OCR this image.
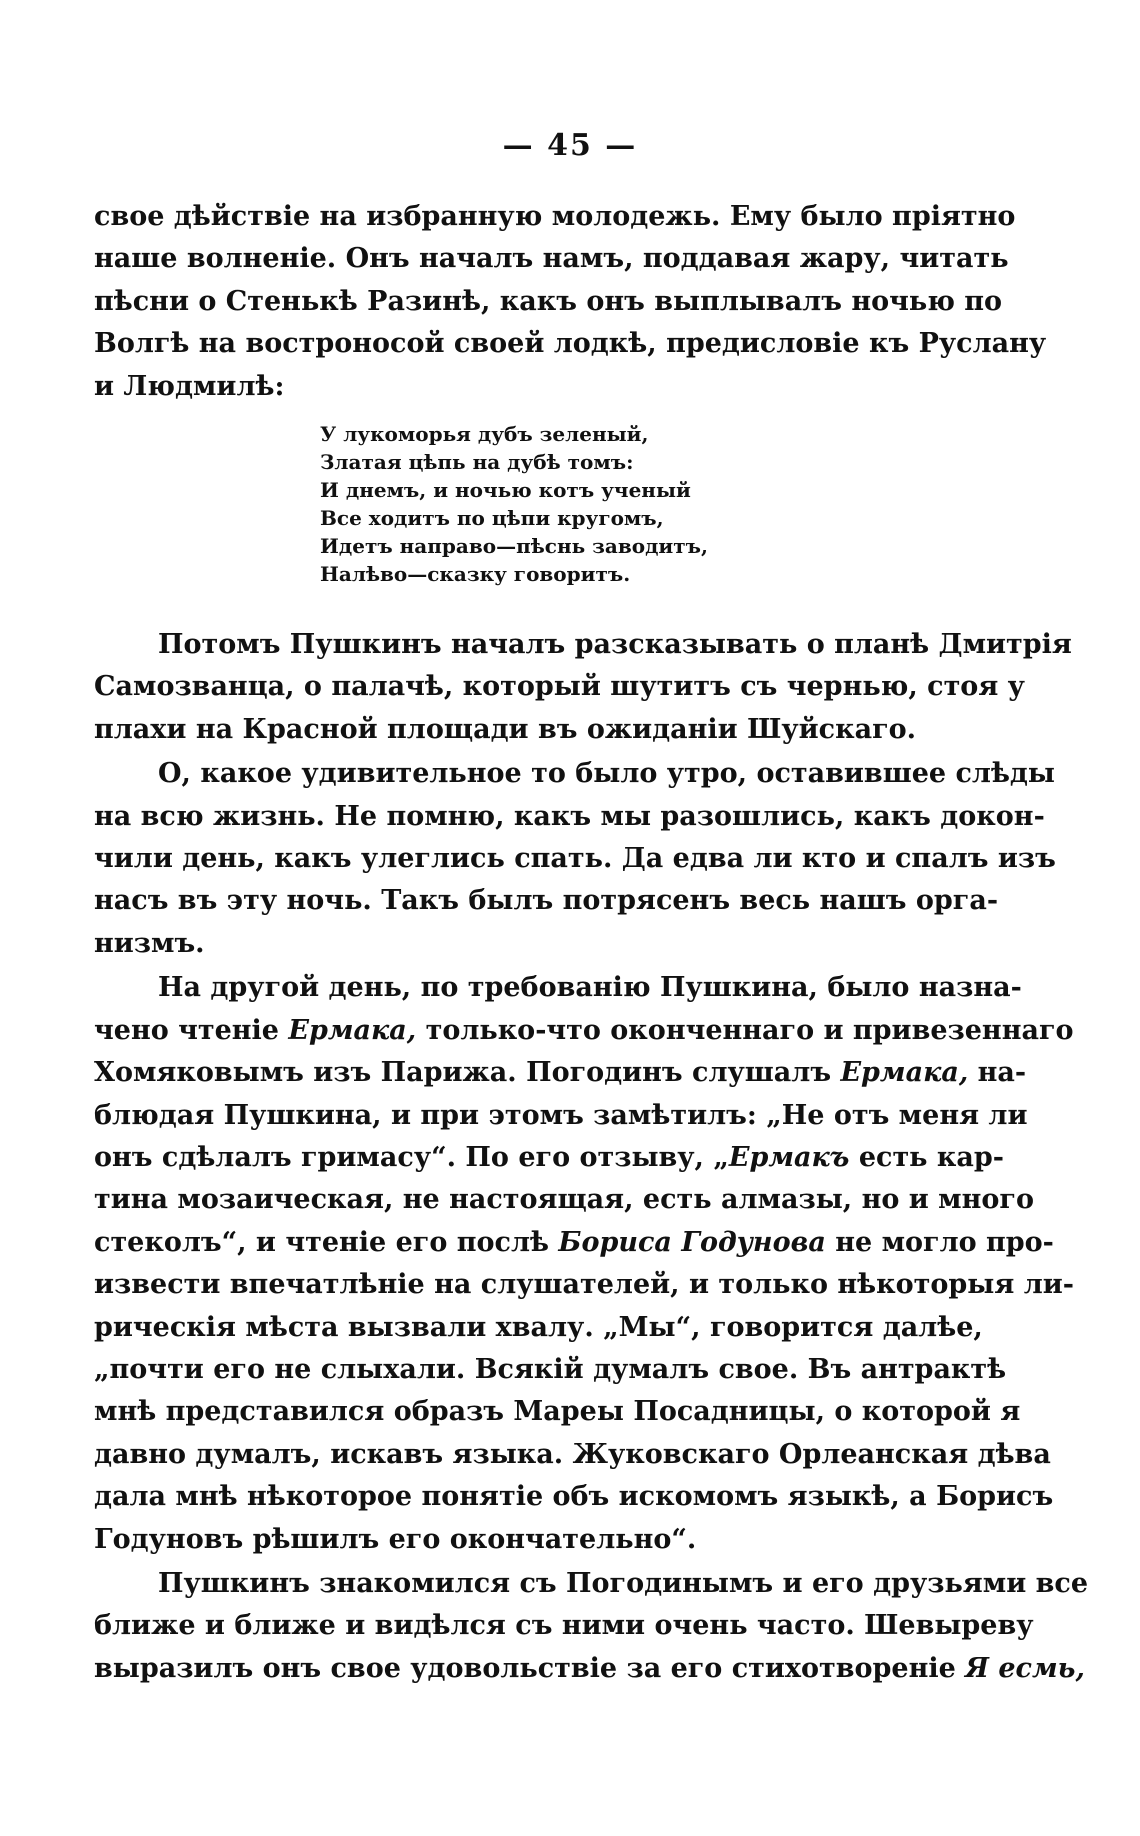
— 45 —
свое дѣйствіе на избранную молодежь. Ему было пріятно
наше волненіе. Онъ началъ намъ, поддавая жару, читать
пѣсни о Стенькѣ Разинѣ, какъ онъ выплывалъ ночью по
Волгѣ на востроносой своей лодкѣ, предисловіе къ Руслану
и Людмилѣ:
У лукоморья дубъ зеленый,
Златая цѣпь на дубѣ томъ:
И днемъ, и ночью котъ ученый
Все ходитъ по цѣпи кругомъ,
Идетъ направо—пѣснь заводитъ,
Налѣво—сказку говоритъ.
Потомъ Пушкинъ началъ разсказывать о планѣ Дмитрія
Самозванца, о палачѣ, который шутитъ съ чернью, стоя у
плахи на Красной площади въ ожиданіи Шуйскаго.
О, какое удивительное то было утро, оставившее слѣды
на всю жизнь. Не помню, какъ мы разошлись, какъ докон-
чили день, какъ улеглись спать. Да едва ли кто и спалъ изъ
насъ въ эту ночь. Такъ былъ потрясенъ весь нашъ орга-
низмъ.
На другой день, по требованію Пушкина, было назна-
чено чтеніе Ермака, только-что оконченнаго и привезеннаго
Хомяковымъ изъ Парижа. Погодинъ слушалъ Ермака, на-
блюдая Пушкина, и при этомъ замѣтилъ: „Не отъ меня ли
онъ сдѣлалъ гримасу“. По его отзыву, „Ермакъ есть кар-
тина мозаическая, не настоящая, есть алмазы, но и много
стеколъ“, и чтеніе его послѣ Бориса Годунова не могло про-
извести впечатлѣніе на слушателей, и только нѣкоторыя ли-
рическія мѣста вызвали хвалу. „Мы“, говорится далѣе,
„почти его не слыхали. Всякій думалъ свое. Въ антрактѣ
мнѣ представился образъ Мареы Посадницы, о которой я
давно думалъ, искавъ языка. Жуковскаго Орлеанская дѣва
дала мнѣ нѣкоторое понятіе объ искомомъ языкѣ, а Борисъ
Годуновъ рѣшилъ его окончательно“.
Пушкинъ знакомился съ Погодинымъ и его друзьями все
ближе и ближе и видѣлся съ ними очень часто. Шевыреву
выразилъ онъ свое удовольствіе за его стихотвореніе Я есмь,
